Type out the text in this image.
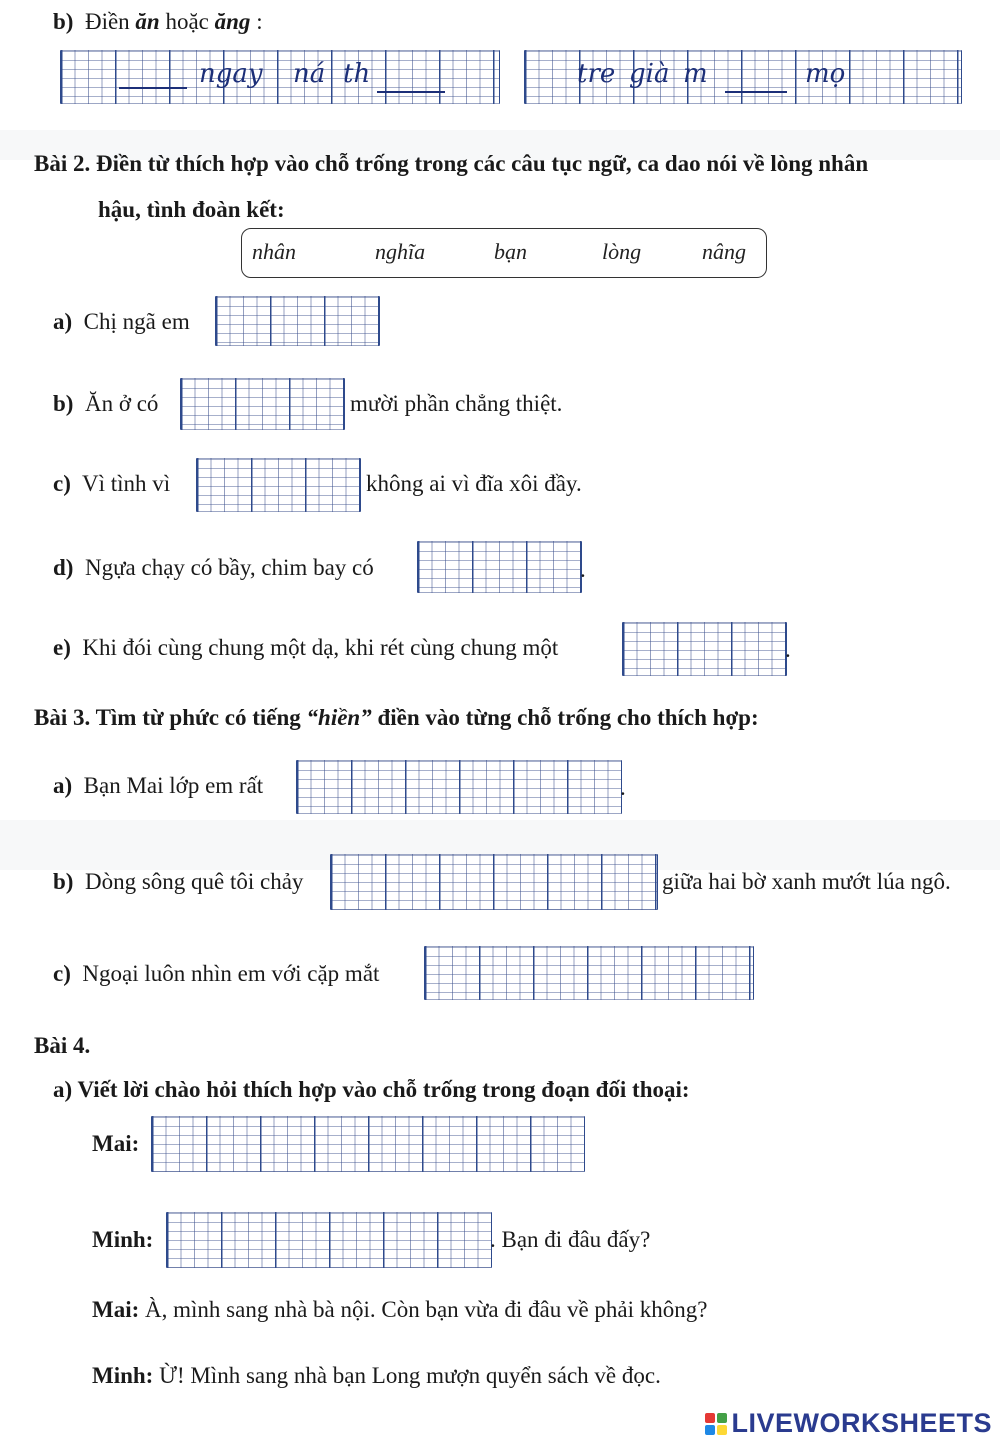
b) Điền ăn hoặc ăng :
ngay ná th	tre già m	mọ
Bài 2. Điền từ thích hợp vào chỗ trống trong các câu tục ngữ, ca dao nói về lòng nhân
hậu, tình đoàn kết:
nhân	nghĩa	bạn	lòng	nâng
a) Chị ngã em
b) Ăn ở có	mười phần chẳng thiệt.
c) Vì tình vì	không ai vì đĩa xôi đầy.
d) Ngựa chạy có bầy, chim bay có	.
e) Khi đói cùng chung một dạ, khi rét cùng chung một	.
Bài 3. Tìm từ phức có tiếng “hiền” điền vào từng chỗ trống cho thích hợp:
a) Bạn Mai lớp em rất	.
b) Dòng sông quê tôi chảy	giữa hai bờ xanh mướt lúa ngô.
c) Ngoại luôn nhìn em với cặp mắt
Bài 4.
a) Viết lời chào hỏi thích hợp vào chỗ trống trong đoạn đối thoại:
Mai:
Minh:	. Bạn đi đâu đấy?
Mai: À, mình sang nhà bà nội. Còn bạn vừa đi đâu về phải không?
Minh: Ừ! Mình sang nhà bạn Long mượn quyển sách về đọc.
LIVEWORKSHEETS
